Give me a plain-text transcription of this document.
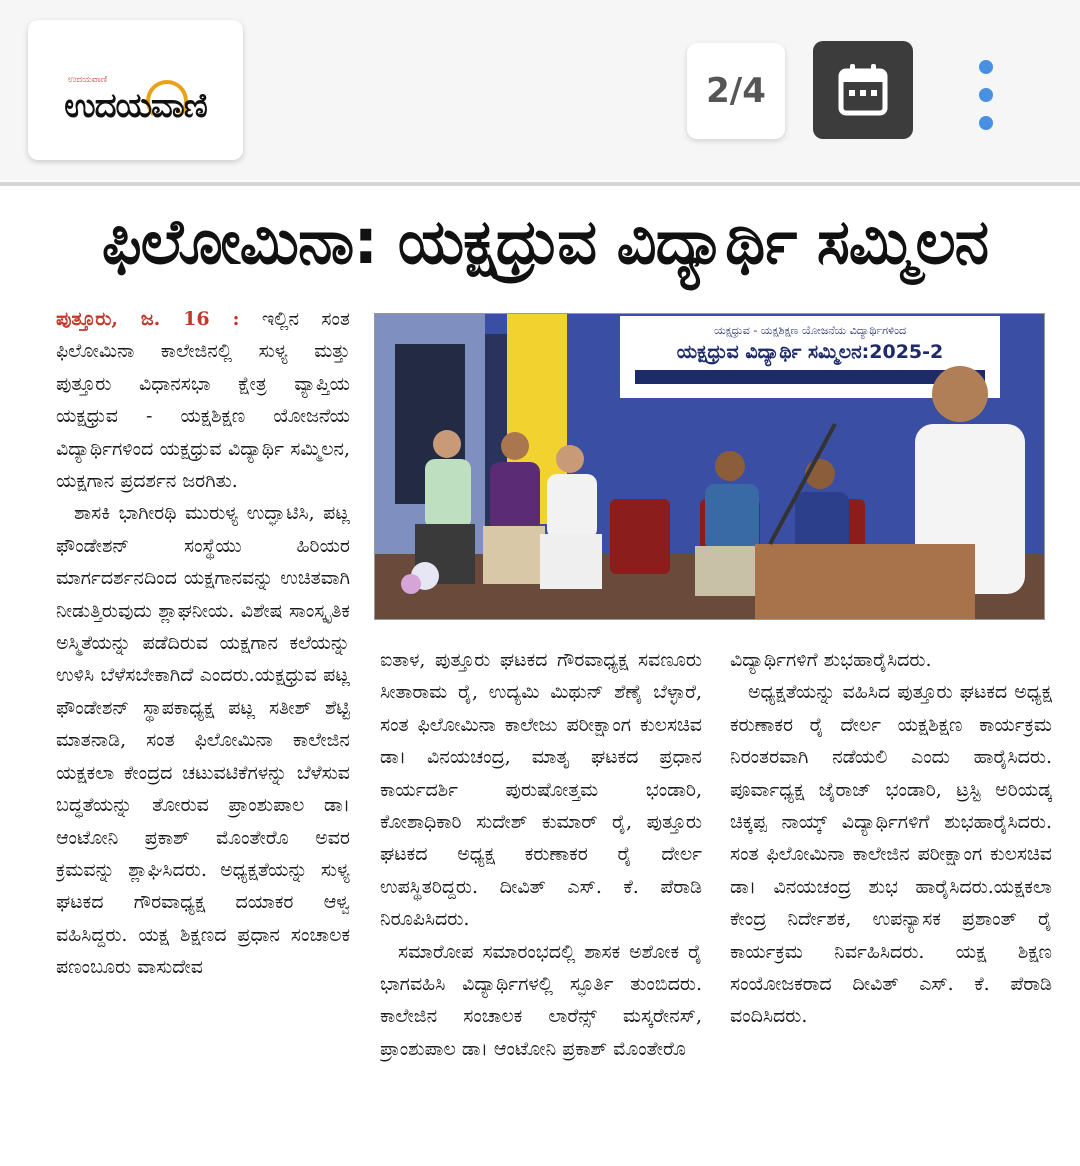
ಉದಯವಾಣಿ
ಉದಯವಾಣಿ	2/4
ಫಿಲೋಮಿನಾ: ಯಕ್ಷಧ್ರುವ ವಿದ್ಯಾರ್ಥಿ ಸಮ್ಮಿಲನ

ಪುತ್ತೂರು, ಜ. 16 : ಇಲ್ಲಿನ ಸಂತ ಫಿಲೋಮಿನಾ ಕಾಲೇಜಿನಲ್ಲಿ ಸುಳ್ಯ ಮತ್ತು ಪುತ್ತೂರು ವಿಧಾನಸಭಾ ಕ್ಷೇತ್ರ ವ್ಯಾಪ್ತಿಯ ಯಕ್ಷಧ್ರುವ - ಯಕ್ಷಶಿಕ್ಷಣ ಯೋಜನೆಯ ವಿದ್ಯಾರ್ಥಿಗಳಿಂದ ಯಕ್ಷಧ್ರುವ ವಿದ್ಯಾರ್ಥಿ ಸಮ್ಮಿಲನ, ಯಕ್ಷಗಾನ ಪ್ರದರ್ಶನ ಜರಗಿತು.

ಶಾಸಕಿ ಭಾಗೀರಥಿ ಮುರುಳ್ಯ ಉದ್ಘಾಟಿಸಿ, ಪಟ್ಲ ಫೌಂಡೇಶನ್ ಸಂಸ್ಥೆಯು ಹಿರಿಯರ ಮಾರ್ಗದರ್ಶನದಿಂದ ಯಕ್ಷಗಾನವನ್ನು ಉಚಿತವಾಗಿ ನೀಡುತ್ತಿರುವುದು ಶ್ಲಾಘನೀಯ. ವಿಶೇಷ ಸಾಂಸ್ಕೃತಿಕ ಅಸ್ಮಿತೆಯನ್ನು ಪಡೆದಿರುವ ಯಕ್ಷಗಾನ ಕಲೆಯನ್ನು ಉಳಿಸಿ ಬೆಳೆಸಬೇಕಾಗಿದೆ ಎಂದರು.ಯಕ್ಷಧ್ರುವ ಪಟ್ಲ ಫೌಂಡೇಶನ್ ಸ್ಥಾಪಕಾಧ್ಯಕ್ಷ ಪಟ್ಲ ಸತೀಶ್ ಶೆಟ್ಟಿ ಮಾತನಾಡಿ, ಸಂತ ಫಿಲೋಮಿನಾ ಕಾಲೇಜಿನ ಯಕ್ಷಕಲಾ ಕೇಂದ್ರದ ಚಟುವಟಿಕೆಗಳನ್ನು ಬೆಳೆಸುವ ಬದ್ಧತೆಯನ್ನು ತೋರುವ ಪ್ರಾಂಶುಪಾಲ ಡಾ। ಆಂಟೋನಿ ಪ್ರಕಾಶ್ ಮೊಂತೇರೊ ಅವರ ಕ್ರಮವನ್ನು ಶ್ಲಾಘಿಸಿದರು. ಅಧ್ಯಕ್ಷತೆಯನ್ನು ಸುಳ್ಯ ಘಟಕದ ಗೌರವಾಧ್ಯಕ್ಷ ದಯಾಕರ ಆಳ್ವ ವಹಿಸಿದ್ದರು. ಯಕ್ಷ ಶಿಕ್ಷಣದ ಪ್ರಧಾನ ಸಂಚಾಲಕ ಪಣಂಬೂರು ವಾಸುದೇವ

ಯಕ್ಷಧ್ರುವ - ಯಕ್ಷಶಿಕ್ಷಣ ಯೋಜನೆಯ ವಿದ್ಯಾರ್ಥಿಗಳಿಂದ
ಯಕ್ಷಧ್ರುವ ವಿದ್ಯಾರ್ಥಿ ಸಮ್ಮಿಲನ:2025-2

ಐತಾಳ, ಪುತ್ತೂರು ಘಟಕದ ಗೌರವಾಧ್ಯಕ್ಷ ಸವಣೂರು ಸೀತಾರಾಮ ರೈ, ಉದ್ಯಮಿ ಮಿಥುನ್ ಶೆಣೈ ಬೆಳ್ಳಾರೆ, ಸಂತ ಫಿಲೋಮಿನಾ ಕಾಲೇಜು ಪರೀಕ್ಷಾಂಗ ಕುಲಸಚಿವ ಡಾ। ವಿನಯಚಂದ್ರ, ಮಾತೃ ಘಟಕದ ಪ್ರಧಾನ ಕಾರ್ಯದರ್ಶಿ ಪುರುಷೋತ್ತಮ ಭಂಡಾರಿ, ಕೋಶಾಧಿಕಾರಿ ಸುದೇಶ್ ಕುಮಾರ್ ರೈ, ಪುತ್ತೂರು ಘಟಕದ ಅಧ್ಯಕ್ಷ ಕರುಣಾಕರ ರೈ ದೇರ್ಲ ಉಪಸ್ಥಿತರಿದ್ದರು. ದೀವಿತ್ ಎಸ್. ಕೆ. ಪೆರಾಡಿ ನಿರೂಪಿಸಿದರು.

ಸಮಾರೋಪ ಸಮಾರಂಭದಲ್ಲಿ ಶಾಸಕ ಅಶೋಕ ರೈ ಭಾಗವಹಿಸಿ ವಿದ್ಯಾರ್ಥಿಗಳಲ್ಲಿ ಸ್ಫೂರ್ತಿ ತುಂಬಿದರು. ಕಾಲೇಜಿನ ಸಂಚಾಲಕ ಲಾರೆನ್ಸ್ ಮಸ್ಕರೇನಸ್, ಪ್ರಾಂಶುಪಾಲ ಡಾ। ಆಂಟೋನಿ ಪ್ರಕಾಶ್ ಮೊಂತೇರೊ

ವಿದ್ಯಾರ್ಥಿಗಳಿಗೆ ಶುಭಹಾರೈಸಿದರು.

ಅಧ್ಯಕ್ಷತೆಯನ್ನು ವಹಿಸಿದ ಪುತ್ತೂರು ಘಟಕದ ಅಧ್ಯಕ್ಷ ಕರುಣಾಕರ ರೈ ದೇರ್ಲ ಯಕ್ಷಶಿಕ್ಷಣ ಕಾರ್ಯಕ್ರಮ ನಿರಂತರವಾಗಿ ನಡೆಯಲಿ ಎಂದು ಹಾರೈಸಿದರು. ಪೂರ್ವಾಧ್ಯಕ್ಷ ಜೈರಾಜ್ ಭಂಡಾರಿ, ಟ್ರಸ್ಟಿ ಅರಿಯಡ್ಕ ಚಿಕ್ಕಪ್ಪ ನಾಯ್ಕ್ ವಿದ್ಯಾರ್ಥಿಗಳಿಗೆ ಶುಭಹಾರೈಸಿದರು. ಸಂತ ಫಿಲೋಮಿನಾ ಕಾಲೇಜಿನ ಪರೀಕ್ಷಾಂಗ ಕುಲಸಚಿವ ಡಾ। ವಿನಯಚಂದ್ರ ಶುಭ ಹಾರೈಸಿದರು.ಯಕ್ಷಕಲಾ ಕೇಂದ್ರ ನಿರ್ದೇಶಕ, ಉಪನ್ಯಾಸಕ ಪ್ರಶಾಂತ್ ರೈ ಕಾರ್ಯಕ್ರಮ ನಿರ್ವಹಿಸಿದರು. ಯಕ್ಷ ಶಿಕ್ಷಣ ಸಂಯೋಜಕರಾದ ದೀವಿತ್ ಎಸ್. ಕೆ. ಪೆರಾಡಿ ವಂದಿಸಿದರು.
